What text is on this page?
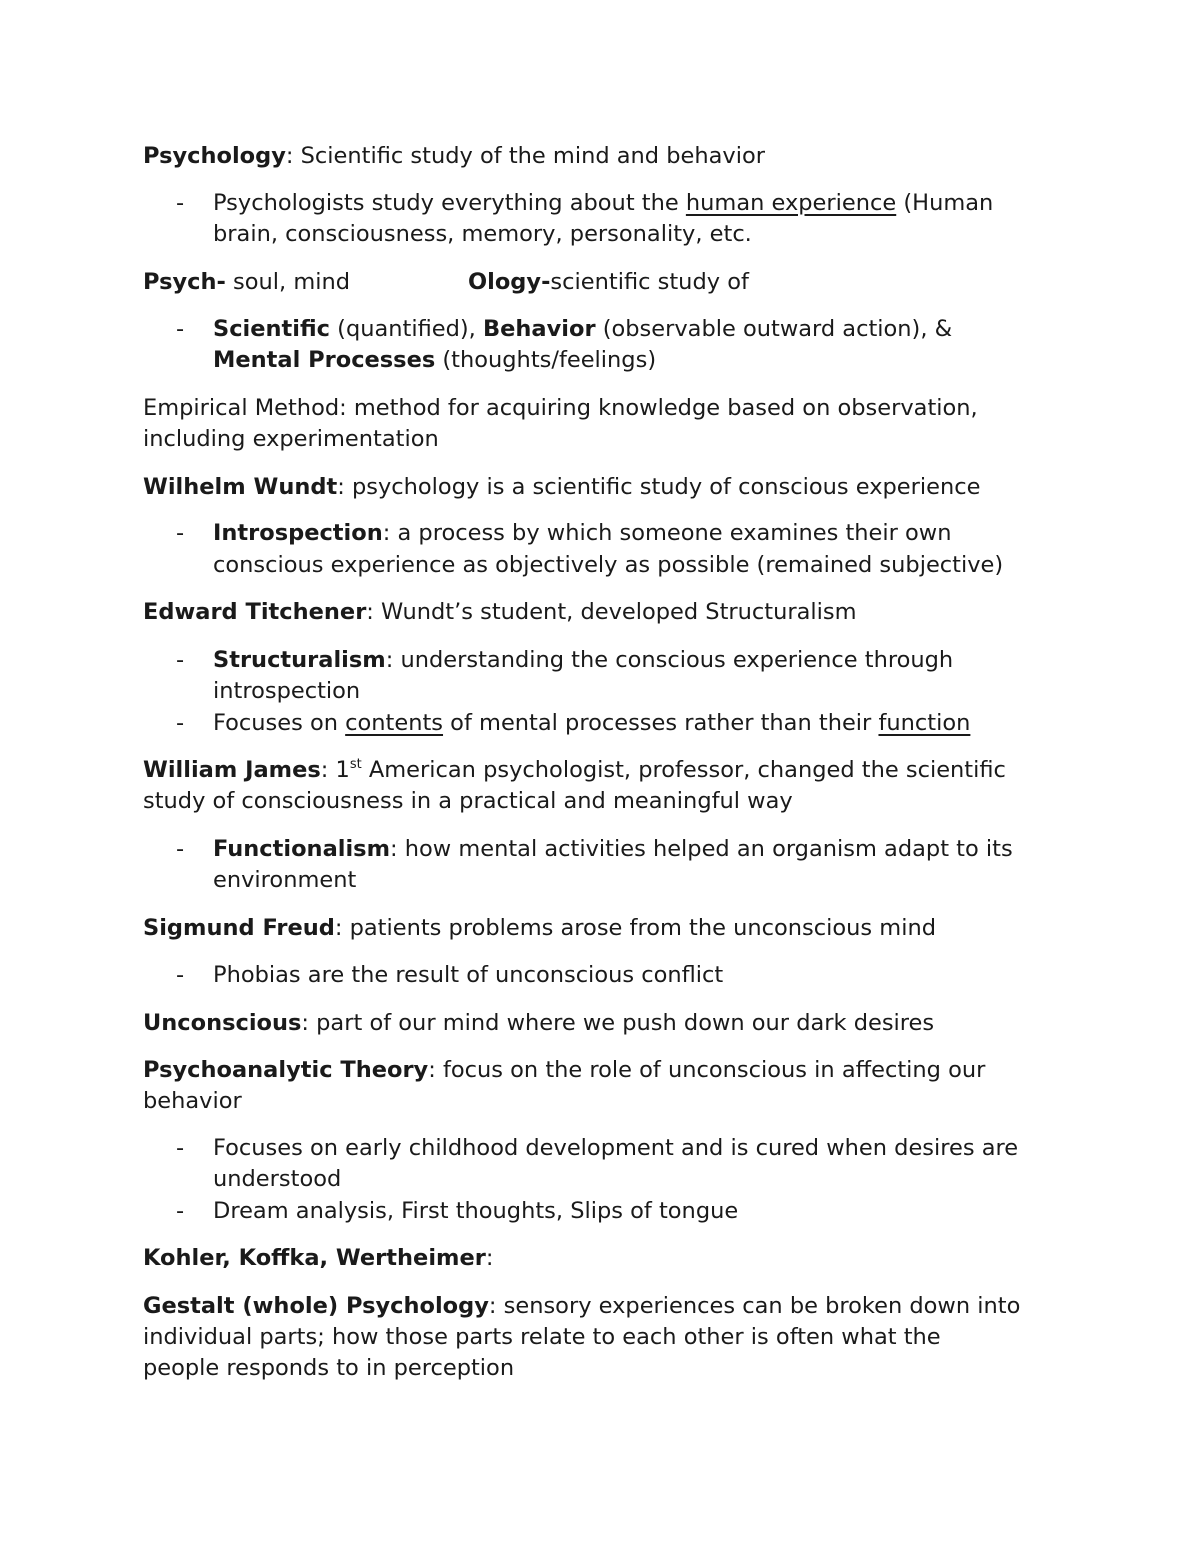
Psychology: Scientific study of the mind and behavior
- Psychologists study everything about the human experience (Human
brain, consciousness, memory, personality, etc.
Psych- soul, mind	Ology-scientific study of
- Scientific (quantified), Behavior (observable outward action), &
Mental Processes (thoughts/feelings)
Empirical Method: method for acquiring knowledge based on observation,
including experimentation
Wilhelm Wundt: psychology is a scientific study of conscious experience
- Introspection: a process by which someone examines their own
conscious experience as objectively as possible (remained subjective)
Edward Titchener: Wundt’s student, developed Structuralism
- Structuralism: understanding the conscious experience through
introspection
- Focuses on contents of mental processes rather than their function
William James: 1st American psychologist, professor, changed the scientific
study of consciousness in a practical and meaningful way
- Functionalism: how mental activities helped an organism adapt to its
environment
Sigmund Freud: patients problems arose from the unconscious mind
- Phobias are the result of unconscious conflict
Unconscious: part of our mind where we push down our dark desires
Psychoanalytic Theory: focus on the role of unconscious in affecting our
behavior
- Focuses on early childhood development and is cured when desires are
understood
- Dream analysis, First thoughts, Slips of tongue
Kohler, Koffka, Wertheimer:
Gestalt (whole) Psychology: sensory experiences can be broken down into
individual parts; how those parts relate to each other is often what the
people responds to in perception
